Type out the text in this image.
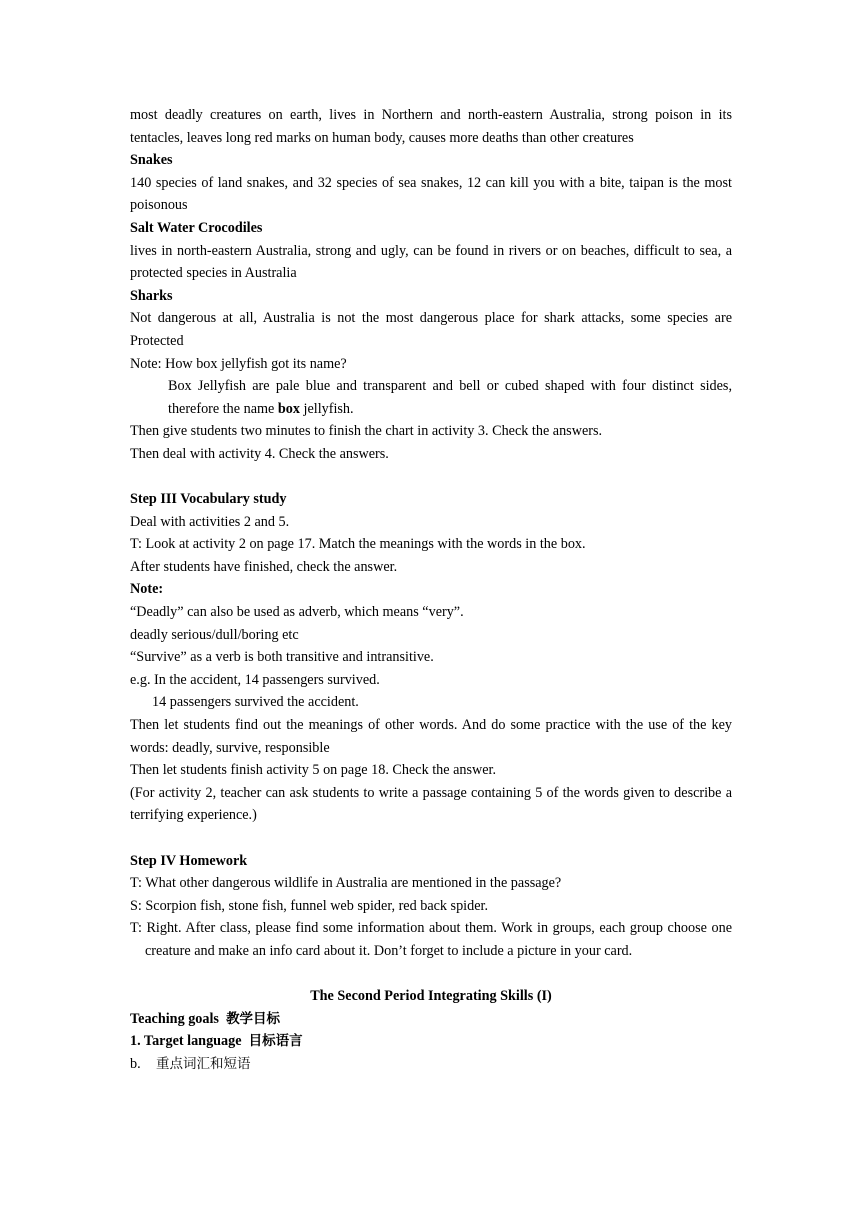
most deadly creatures on earth, lives in Northern and north-eastern Australia, strong poison in its tentacles, leaves long red marks on human body, causes more deaths than other creatures
Snakes
140 species of land snakes, and 32 species of sea snakes, 12 can kill you with a bite, taipan is the most poisonous
Salt Water Crocodiles
lives in north-eastern Australia, strong and ugly, can be found in rivers or on beaches, difficult to sea, a protected species in Australia
Sharks
Not dangerous at all, Australia is not the most dangerous place for shark attacks, some species are Protected
Note: How box jellyfish got its name?
Box Jellyfish are pale blue and transparent and bell or cubed shaped with four distinct sides, therefore the name box jellyfish.
Then give students two minutes to finish the chart in activity 3. Check the answers.
Then deal with activity 4. Check the answers.
Step III Vocabulary study
Deal with activities 2 and 5.
T: Look at activity 2 on page 17. Match the meanings with the words in the box.
After students have finished, check the answer.
Note:
“Deadly” can also be used as adverb, which means “very”.
deadly serious/dull/boring etc
“Survive” as a verb is both transitive and intransitive.
e.g. In the accident, 14 passengers survived.
14 passengers survived the accident.
Then let students find out the meanings of other words. And do some practice with the use of the key words: deadly, survive, responsible
Then let students finish activity 5 on page 18. Check the answer.
(For activity 2, teacher can ask students to write a passage containing 5 of the words given to describe a terrifying experience.)
Step IV Homework
T: What other dangerous wildlife in Australia are mentioned in the passage?
S: Scorpion fish, stone fish, funnel web spider, red back spider.
T: Right. After class, please find some information about them. Work in groups, each group choose one creature and make an info card about it. Don’t forget to include a picture in your card.
The Second Period Integrating Skills (I)
Teaching goals 教学目标
1. Target language 目标语言
b. 重点词汇和短语
